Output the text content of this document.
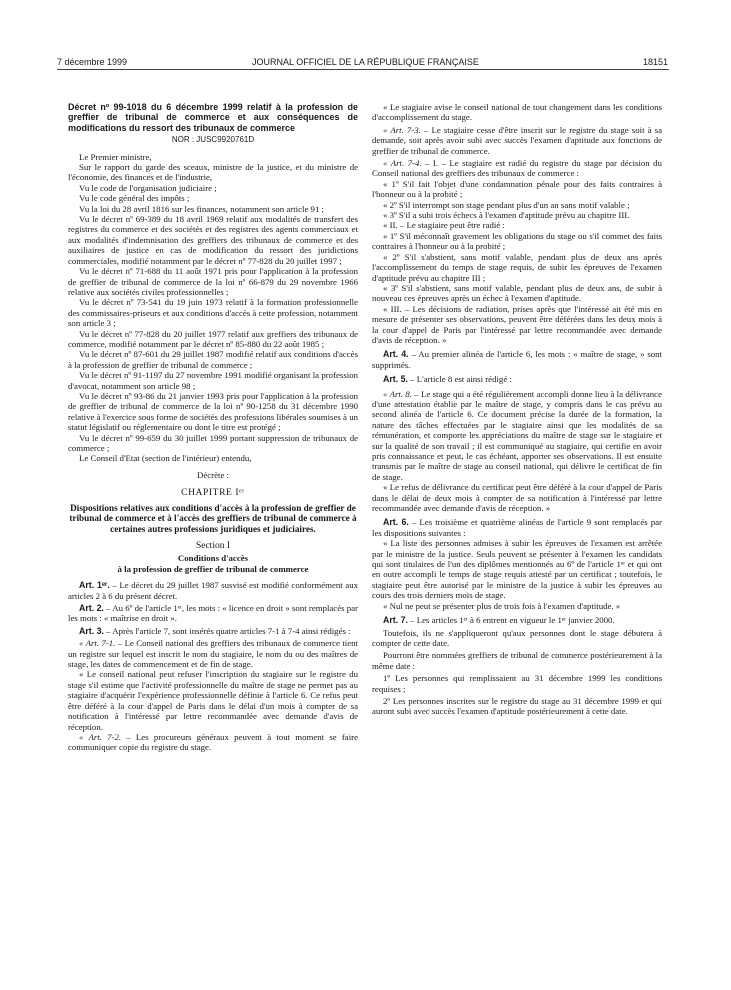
7 décembre 1999	JOURNAL OFFICIEL DE LA RÉPUBLIQUE FRANÇAISE	18151

Décret nº 99-1018 du 6 décembre 1999 relatif à la profession de greffier de tribunal de commerce et aux conséquences de modifications du ressort des tribunaux de commerce

NOR : JUSC9920761D

Le Premier ministre,

Sur le rapport du garde des sceaux, ministre de la justice, et du ministre de l'économie, des finances et de l'industrie,

Vu le code de l'organisation judiciaire ;

Vu le code général des impôts ;

Vu la loi du 28 avril 1816 sur les finances, notamment son article 91 ;

Vu le décret nº 69-389 du 18 avril 1969 relatif aux modalités de transfert des registres du commerce et des sociétés et des registres des agents commerciaux et aux modalités d'indemnisation des greffiers des tribunaux de commerce et des auxiliaires de justice en cas de modification du ressort des juridictions commerciales, modifié notamment par le décret nº 77-828 du 20 juillet 1997 ;

Vu le décret nº 71-688 du 11 août 1971 pris pour l'application à la profession de greffier de tribunal de commerce de la loi nº 66-879 du 29 novembre 1966 relative aux sociétés civiles professionnelles ;

Vu le décret nº 73-541 du 19 juin 1973 relatif à la formation professionnelle des commissaires-priseurs et aux conditions d'accès à cette profession, notamment son article 3 ;

Vu le décret nº 77-828 du 20 juillet 1977 relatif aux greffiers des tribunaux de commerce, modifié notamment par le décret nº 85-880 du 22 août 1985 ;

Vu le décret nº 87-601 du 29 juillet 1987 modifié relatif aux conditions d'accès à la profession de greffier de tribunal de commerce ;

Vu le décret nº 91-1197 du 27 novembre 1991 modifié organisant la profession d'avocat, notamment son article 98 ;

Vu le décret nº 93-86 du 21 janvier 1993 pris pour l'application à la profession de greffier de tribunal de commerce de la loi nº 90-1258 du 31 décembre 1990 relative à l'exercice sous forme de sociétés des professions libérales soumises à un statut législatif ou réglementaire ou dont le titre est protégé ;

Vu le décret nº 99-659 du 30 juillet 1999 portant suppression de tribunaux de commerce ;

Le Conseil d'Etat (section de l'intérieur) entendu,

Décrète :

CHAPITRE Iᵉʳ

Dispositions relatives aux conditions d'accès à la profession de greffier de tribunal de commerce et à l'accès des greffiers de tribunal de commerce à certaines autres professions juridiques et judiciaires.

Section I

Conditions d'accès

à la profession de greffier de tribunal de commerce

Art. 1ᵉʳ. – Le décret du 29 juillet 1987 susvisé est modifié conformément aux articles 2 à 6 du présent décret.

Art. 2. – Au 6º de l'article 1ᵉʳ, les mots : « licence en droit » sont remplacés par les mots : « maîtrise en droit ».

Art. 3. – Après l'article 7, sont insérés quatre articles 7-1 à 7-4 ainsi rédigés :

« Art. 7-1. – Le Conseil national des greffiers des tribunaux de commerce tient un registre sur lequel est inscrit le nom du stagiaire, le nom du ou des maîtres de stage, les dates de commencement et de fin de stage.

« Le conseil national peut refuser l'inscription du stagiaire sur le registre du stage s'il estime que l'activité professionnelle du maître de stage ne permet pas au stagiaire d'acquérir l'expérience professionnelle définie à l'article 6. Ce refus peut être déféré à la cour d'appel de Paris dans le délai d'un mois à compter de sa notification à l'intéressé par lettre recommandée avec demande d'avis de réception.

« Art. 7-2. – Les procureurs généraux peuvent à tout moment se faire communiquer copie du registre du stage.

« Le stagiaire avise le conseil national de tout changement dans les conditions d'accomplissement du stage.

« Art. 7-3. – Le stagiaire cesse d'être inscrit sur le registre du stage soit à sa demande, soit après avoir subi avec succès l'examen d'aptitude aux fonctions de greffier de tribunal de commerce.

« Art. 7-4. – I. – Le stagiaire est radié du registre du stage par décision du Conseil national des greffiers des tribunaux de commerce :

« 1º S'il fait l'objet d'une condamnation pénale pour des faits contraires à l'honneur ou à la probité ;

« 2º S'il interrompt son stage pendant plus d'un an sans motif valable ;

« 3º S'il a subi trois échecs à l'examen d'aptitude prévu au chapitre III.

« II. – Le stagiaire peut être radié :

« 1º S'il méconnaît gravement les obligations du stage ou s'il commet des faits contraires à l'honneur ou à la probité ;

« 2º S'il s'abstient, sans motif valable, pendant plus de deux ans après l'accomplissement du temps de stage requis, de subir les épreuves de l'examen d'aptitude prévu au chapitre III ;

« 3º S'il s'abstient, sans motif valable, pendant plus de deux ans, de subir à nouveau ces épreuves après un échec à l'examen d'aptitude.

« III. – Les décisions de radiation, prises après que l'intéressé ait été mis en mesure de présenter ses observations, peuvent être déférées dans les deux mois à la cour d'appel de Paris par l'intéressé par lettre recommandée avec demande d'avis de réception. »

Art. 4. – Au premier alinéa de l'article 6, les mots : « maître de stage, » sont supprimés.

Art. 5. – L'article 8 est ainsi rédigé :

« Art. 8. – Le stage qui a été régulièrement accompli donne lieu à la délivrance d'une attestation établie par le maître de stage, y compris dans le cas prévu au second alinéa de l'article 6. Ce document précise la durée de la formation, la nature des tâches effectuées par le stagiaire ainsi que les modalités de sa rémunération, et comporte les appréciations du maître de stage sur le stagiaire et sur la qualité de son travail ; il est communiqué au stagiaire, qui certifie en avoir pris connaissance et peut, le cas échéant, apporter ses observations. Il est ensuite transmis par le maître de stage au conseil national, qui délivre le certificat de fin de stage.

« Le refus de délivrance du certificat peut être déféré à la cour d'appel de Paris dans le délai de deux mois à compter de sa notification à l'intéressé par lettre recommandée avec demande d'avis de réception. »

Art. 6. – Les troisième et quatrième alinéas de l'article 9 sont remplacés par les dispositions suivantes :

« La liste des personnes admises à subir les épreuves de l'examen est arrêtée par le ministre de la justice. Seuls peuvent se présenter à l'examen les candidats qui sont titulaires de l'un des diplômes mentionnés au 6º de l'article 1ᵉʳ et qui ont en outre accompli le temps de stage requis attesté par un certificat ; toutefois, le stagiaire peut être autorisé par le ministre de la justice à subir les épreuves au cours des trois derniers mois de stage.

« Nul ne peut se présenter plus de trois fois à l'examen d'aptitude. »

Art. 7. – Les articles 1ᵉʳ à 6 entrent en vigueur le 1ᵉʳ janvier 2000.

Toutefois, ils ne s'appliqueront qu'aux personnes dont le stage débutera à compter de cette date.

Pourront être nommées greffiers de tribunal de commerce postérieurement à la même date :

1º Les personnes qui remplissaient au 31 décembre 1999 les conditions requises ;

2º Les personnes inscrites sur le registre du stage au 31 décembre 1999 et qui auront subi avec succès l'examen d'aptitude postérieurement à cette date.
